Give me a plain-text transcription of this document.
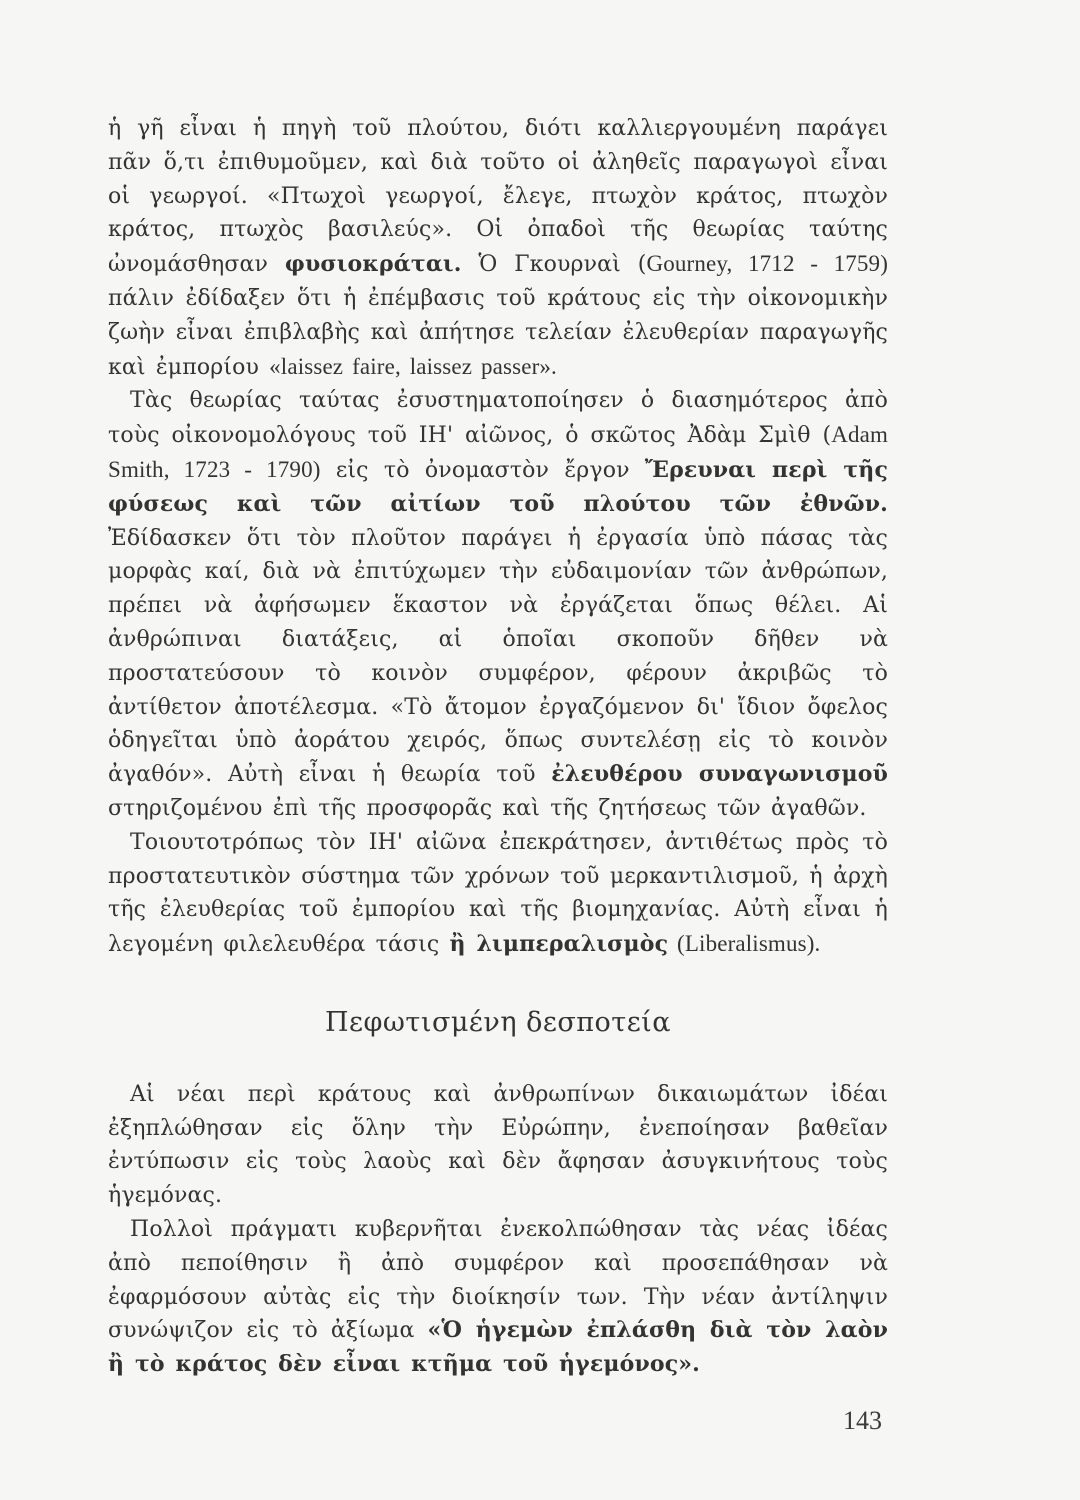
ἡ γῆ εἶναι ἡ πηγὴ τοῦ πλούτου, διότι καλλιεργουμένη παράγει πᾶν ὅ,τι ἐπιθυμοῦμεν, καὶ διὰ τοῦτο οἱ ἀληθεῖς παραγωγοὶ εἶναι οἱ γεωργοί. «Πτωχοὶ γεωργοί, ἔλεγε, πτωχὸν κράτος, πτωχὸν κράτος, πτωχὸς βασιλεύς». Οἱ ὀπαδοὶ τῆς θεωρίας ταύτης ὠνομάσθησαν φυσιοκράται. Ὁ Γκουρναὶ (Gourney, 1712 - 1759) πάλιν ἐδίδαξεν ὅτι ἡ ἐπέμβασις τοῦ κράτους εἰς τὴν οἰκονομικὴν ζωὴν εἶναι ἐπιβλαβὴς καὶ ἀπήτησε τελείαν ἐλευθερίαν παραγωγῆς καὶ ἐμπορίου «laissez faire, laissez passer».

Τὰς θεωρίας ταύτας ἐσυστηματοποίησεν ὁ διασημότερος ἀπὸ τοὺς οἰκονομολόγους τοῦ ΙΗ' αἰῶνος, ὁ σκῶτος Ἀδὰμ Σμὶθ (Adam Smith, 1723 - 1790) εἰς τὸ ὀνομαστὸν ἔργον Ἔρευναι περὶ τῆς φύσεως καὶ τῶν αἰτίων τοῦ πλούτου τῶν ἐθνῶν. Ἐδίδασκεν ὅτι τὸν πλοῦτον παράγει ἡ ἐργασία ὑπὸ πάσας τὰς μορφὰς καί, διὰ νὰ ἐπιτύχωμεν τὴν εὐδαιμονίαν τῶν ἀνθρώπων, πρέπει νὰ ἀφήσωμεν ἕκαστον νὰ ἐργάζεται ὅπως θέλει. Αἱ ἀνθρώπιναι διατάξεις, αἱ ὁποῖαι σκοποῦν δῆθεν νὰ προστατεύσουν τὸ κοινὸν συμφέρον, φέρουν ἀκριβῶς τὸ ἀντίθετον ἀποτέλεσμα. «Τὸ ἄτομον ἐργαζόμενον δι' ἴδιον ὄφελος ὁδηγεῖται ὑπὸ ἀοράτου χειρός, ὅπως συντελέσῃ εἰς τὸ κοινὸν ἀγαθόν». Αὐτὴ εἶναι ἡ θεωρία τοῦ ἐλευθέρου συναγωνισμοῦ στηριζομένου ἐπὶ τῆς προσφορᾶς καὶ τῆς ζητήσεως τῶν ἀγαθῶν.

Τοιουτοτρόπως τὸν ΙΗ' αἰῶνα ἐπεκράτησεν, ἀντιθέτως πρὸς τὸ προστατευτικὸν σύστημα τῶν χρόνων τοῦ μερκαντιλισμοῦ, ἡ ἀρχὴ τῆς ἐλευθερίας τοῦ ἐμπορίου καὶ τῆς βιομηχανίας. Αὐτὴ εἶναι ἡ λεγομένη φιλελευθέρα τάσις ἢ λιμπεραλισμὸς (Liberalismus).

Πεφωτισμένη δεσποτεία

Αἱ νέαι περὶ κράτους καὶ ἀνθρωπίνων δικαιωμάτων ἰδέαι ἐξηπλώθησαν εἰς ὅλην τὴν Εὐρώπην, ἐνεποίησαν βαθεῖαν ἐντύπωσιν εἰς τοὺς λαοὺς καὶ δὲν ἄφησαν ἀσυγκινήτους τοὺς ἡγεμόνας.

Πολλοὶ πράγματι κυβερνῆται ἐνεκολπώθησαν τὰς νέας ἰδέας ἀπὸ πεποίθησιν ἢ ἀπὸ συμφέρον καὶ προσεπάθησαν νὰ ἐφαρμόσουν αὐτὰς εἰς τὴν διοίκησίν των. Τὴν νέαν ἀντίληψιν συνώψιζον εἰς τὸ ἀξίωμα «Ὁ ἡγεμὼν ἐπλάσθη διὰ τὸν λαὸν ἢ τὸ κράτος δὲν εἶναι κτῆμα τοῦ ἡγεμόνος».

143
